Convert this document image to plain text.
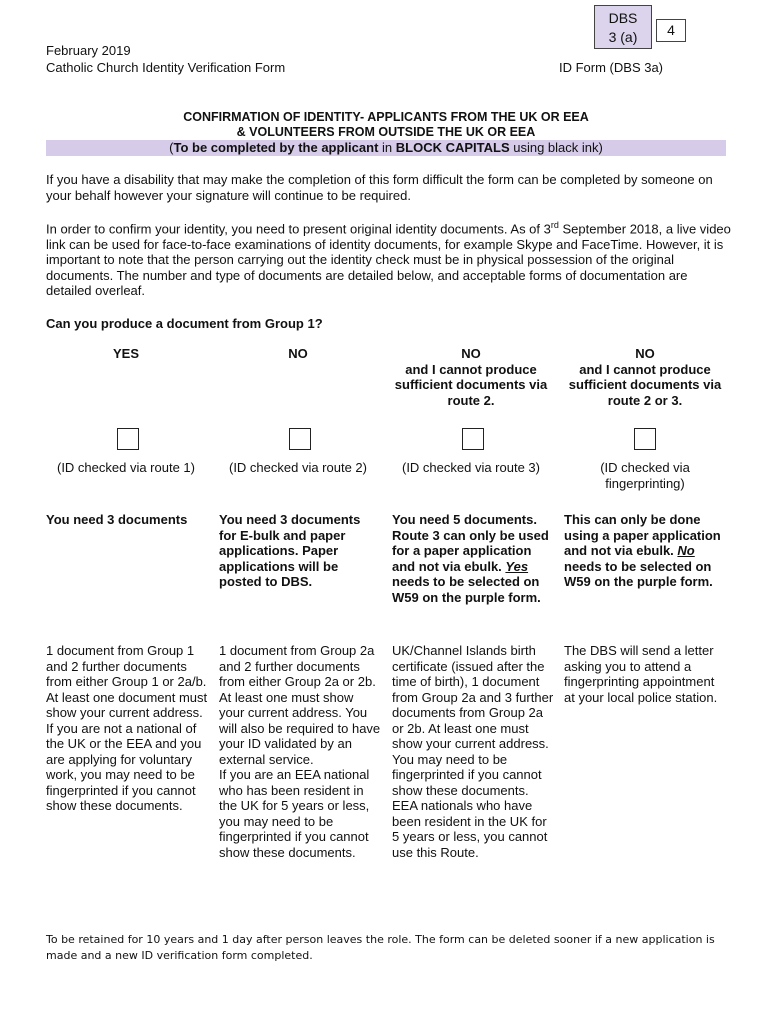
DBS
3 (a)	4
February 2019
Catholic Church Identity Verification Form	ID Form (DBS 3a)
CONFIRMATION OF IDENTITY- APPLICANTS FROM THE UK OR EEA
& VOLUNTEERS FROM OUTSIDE THE UK OR EEA
(To be completed by the applicant in BLOCK CAPITALS using black ink)
If you have a disability that may make the completion of this form difficult the form can be completed by someone on your behalf however your signature will continue to be required.
In order to confirm your identity, you need to present original identity documents. As of 3rd September 2018, a live video link can be used for face-to-face examinations of identity documents, for example Skype and FaceTime. However, it is important to note that the person carrying out the identity check must be in physical possession of the original documents. The number and type of documents are detailed below, and acceptable forms of documentation are detailed overleaf.
Can you produce a document from Group 1?
YES
(ID checked via route 1)
You need 3 documents
1 document from Group 1 and 2 further documents from either Group 1 or 2a/b. At least one document must show your current address.
If you are not a national of the UK or the EEA and you are applying for voluntary work, you may need to be fingerprinted if you cannot show these documents.
NO
(ID checked via route 2)
You need 3 documents for E-bulk and paper applications. Paper applications will be posted to DBS.
1 document from Group 2a and 2 further documents from either Group 2a or 2b. At least one must show your current address. You will also be required to have your ID validated by an external service.
If you are an EEA national who has been resident in the UK for 5 years or less, you may need to be fingerprinted if you cannot show these documents.
NO
and I cannot produce sufficient documents via route 2.
(ID checked via route 3)
You need 5 documents.
Route 3 can only be used for a paper application and not via ebulk. Yes needs to be selected on W59 on the purple form.
UK/Channel Islands birth certificate (issued after the time of birth), 1 document from Group 2a and 3 further documents from Group 2a or 2b. At least one must show your current address.
You may need to be fingerprinted if you cannot show these documents.
EEA nationals who have been resident in the UK for 5 years or less, you cannot use this Route.
NO
and I cannot produce sufficient documents via route 2 or 3.
(ID checked via fingerprinting)
This can only be done using a paper application and not via ebulk. No needs to be selected on W59 on the purple form.
The DBS will send a letter asking you to attend a fingerprinting appointment at your local police station.
To be retained for 10 years and 1 day after person leaves the role. The form can be deleted sooner if a new application is made and a new ID verification form completed.
